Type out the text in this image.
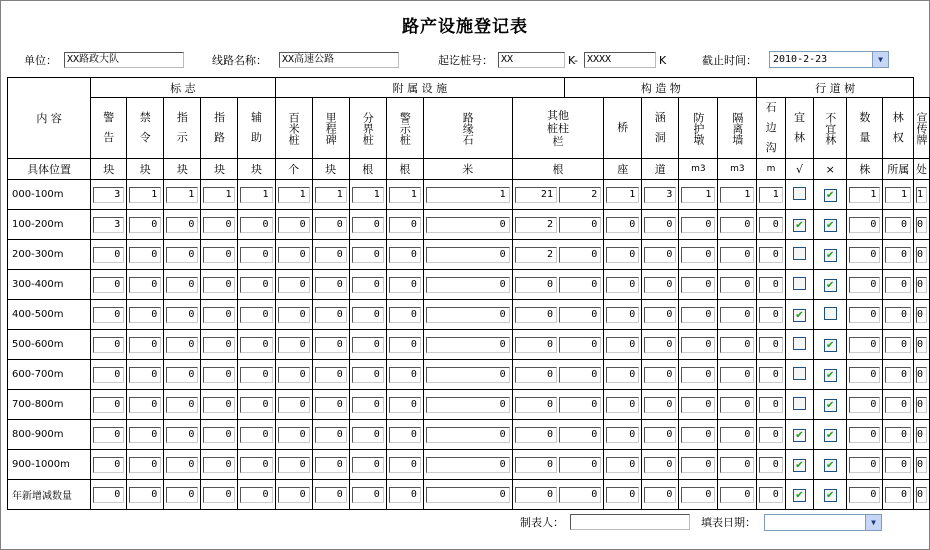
路产设施登记表
单位：	XX路政大队	线路名称：	XX高速公路	起讫桩号： XX	K- XXXX	K	截止时间：	2010-2-23	▼
内 容	标 志					附 属 设 施						构 造 物					行 道 树					

	警告	禁令	指示	指路	辅助	百米桩	里程碑	分界桩	警示桩	路缘石	其他桩柱栏		桥	涵洞	防护墩	隔离墙	石边沟	宜林	不宜林	数量	林权	宣传牌

具体位置	块	块	块	块	块	个	块	根	根	米	根		座	道	m3	m3	m	√	×	株	所属	处
000-100m	3	1	1	1	1	1	1	1	1	1	21 2		1	3	1	1	1		✔	1	1	1

100-200m	3	0	0	0	0	0	0	0	0	0	2 0		0	0	0	0	0	✔	✔	0	0	0

200-300m	0	0	0	0	0	0	0	0	0	0	2 0		0	0	0	0	0		✔	0	0	0

300-400m	0	0	0	0	0	0	0	0	0	0	0 0		0	0	0	0	0		✔	0	0	0

400-500m	0	0	0	0	0	0	0	0	0	0	0 0		0	0	0	0	0	✔		0	0	0

500-600m	0	0	0	0	0	0	0	0	0	0	0 0		0	0	0	0	0		✔	0	0	0

600-700m	0	0	0	0	0	0	0	0	0	0	0 0		0	0	0	0	0		✔	0	0	0

700-800m	0	0	0	0	0	0	0	0	0	0	0 0		0	0	0	0	0		✔	0	0	0

800-900m	0	0	0	0	0	0	0	0	0	0	0 0		0	0	0	0	0	✔	✔	0	0	0

900-1000m	0	0	0	0	0	0	0	0	0	0	0 0		0	0	0	0	0	✔	✔	0	0	0

年新增减数量	0	0	0	0	0	0	0	0	0	0	0 0		0	0	0	0	0	✔	✔	0	0	0
制表人：	填表日期：	▼
